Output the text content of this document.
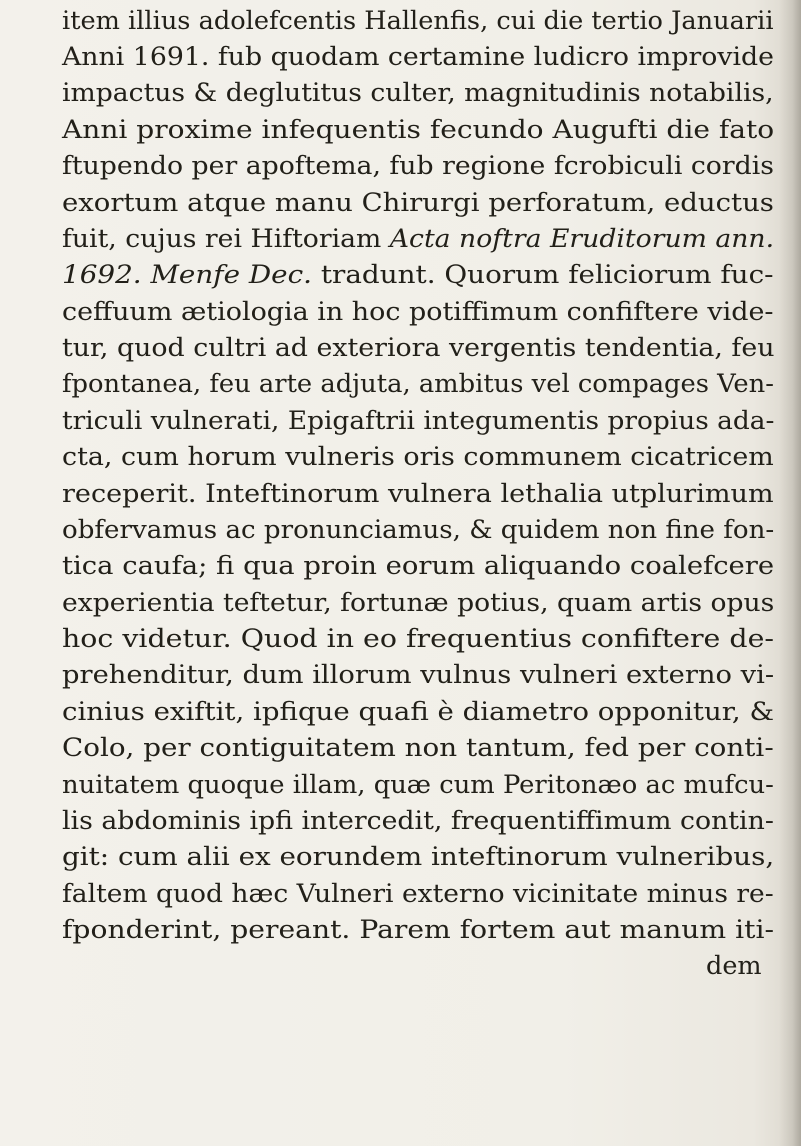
item illius adolefcentis Hallenfis, cui die tertio Januarii
Anni 1691. fub quodam certamine ludicro improvide
impactus & deglutitus culter, magnitudinis notabilis,
Anni proxime infequentis fecundo Augufti die fato
ftupendo per apoftema, fub regione fcrobiculi cordis
exortum atque manu Chirurgi perforatum, eductus
fuit, cujus rei Hiftoriam Acta noftra Eruditorum ann.
1692. Menfe Dec. tradunt. Quorum feliciorum fuc-
ceffuum ætiologia in hoc potiffimum confiftere vide-
tur, quod cultri ad exteriora vergentis tendentia, feu
fpontanea, feu arte adjuta, ambitus vel compages Ven-
triculi vulnerati, Epigaftrii integumentis propius ada-
cta, cum horum vulneris oris communem cicatricem
receperit. Inteftinorum vulnera lethalia utplurimum
obfervamus ac pronunciamus, & quidem non fine fon-
tica caufa; fi qua proin eorum aliquando coalefcere
experientia teftetur, fortunæ potius, quam artis opus
hoc videtur. Quod in eo frequentius confiftere de-
prehenditur, dum illorum vulnus vulneri externo vi-
cinius exiftit, ipfique quafi è diametro opponitur, &
Colo, per contiguitatem non tantum, fed per conti-
nuitatem quoque illam, quæ cum Peritonæo ac mufcu-
lis abdominis ipfi intercedit, frequentiffimum contin-
git: cum alii ex eorundem inteftinorum vulneribus,
faltem quod hæc Vulneri externo vicinitate minus re-
fponderint, pereant. Parem fortem aut manum iti-
dem
